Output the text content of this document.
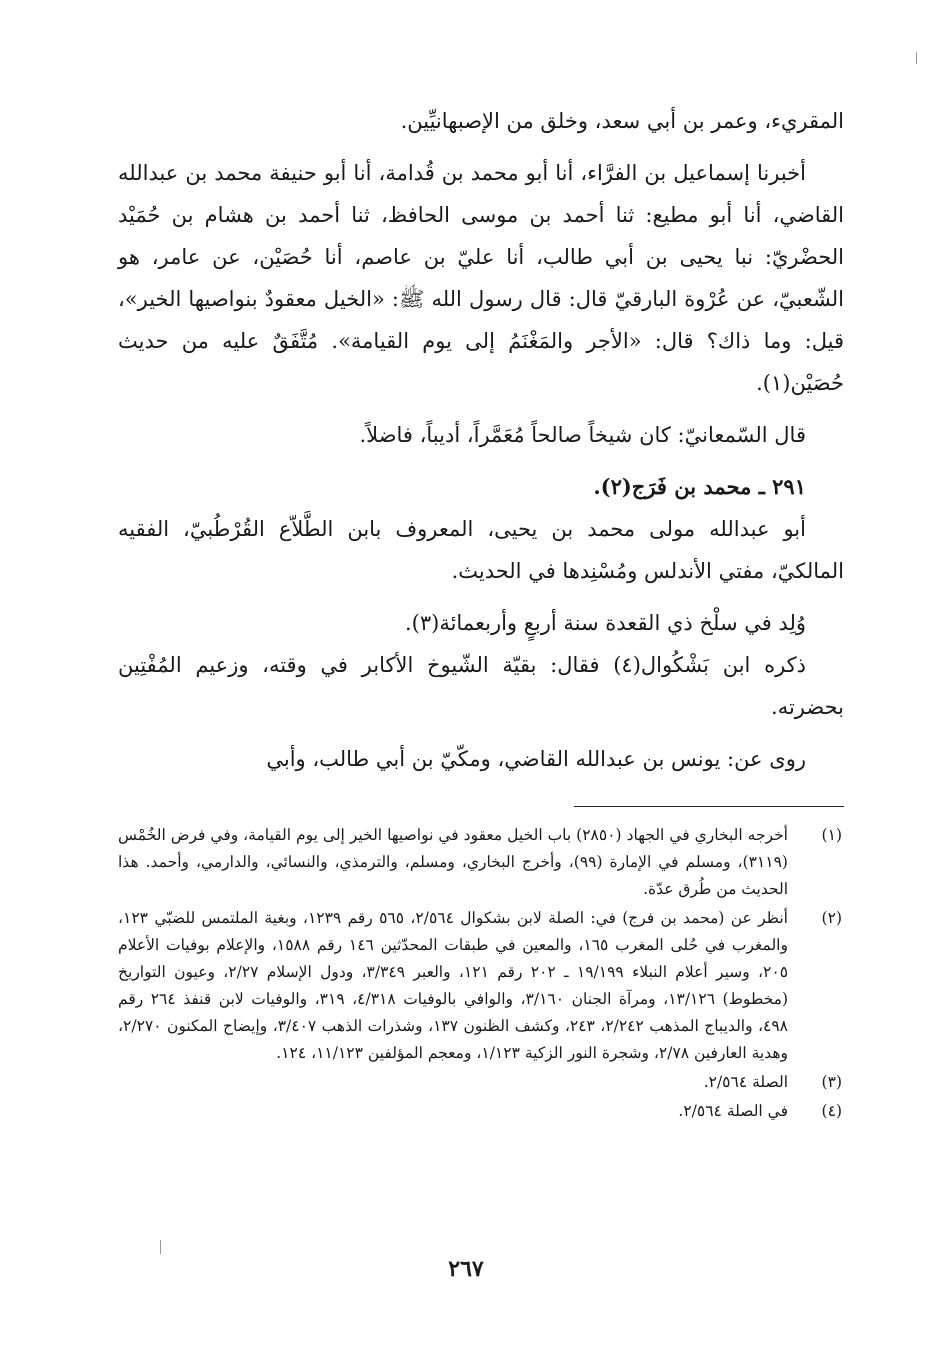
المقريء، وعمر بن أبي سعد، وخلق من الإصبهانيِّين.

أخبرنا إسماعيل بن الفرَّاء، أنا أبو محمد بن قُدامة، أنا أبو حنيفة محمد بن عبدالله القاضي، أنا أبو مطيع: ثنا أحمد بن موسى الحافظ، ثنا أحمد بن هشام بن حُمَيْد الحضْريّ: نبا يحيى بن أبي طالب، أنا عليّ بن عاصم، أنا حُصَيْن، عن عامر، هو الشّعبيّ، عن عُرْوة البارقيّ قال: قال رسول الله ﷺ: «الخيل معقودٌ بنواصيها الخير»، قيل: وما ذاك؟ قال: «الأجر والمَغْنَمُ إلى يوم القيامة». مُتَّفَقٌ عليه من حديث حُصَيْن(١).

قال السّمعانيّ: كان شيخاً صالحاً مُعَمَّراً، أديباً، فاضلاً.

٢٩١ ـ محمد بن فَرَج(٢).

أبو عبدالله مولى محمد بن يحيى، المعروف بابن الطَّلاّع القُرْطُبيّ، الفقيه المالكيّ، مفتي الأندلس ومُسْنِدها في الحديث.

وُلِد في سلْخ ذي القعدة سنة أربعٍ وأربعمائة(٣).

ذكره ابن بَشْكُوال(٤) فقال: بقيّة الشّيوخ الأكابر في وقته، وزعيم المُفْتِين بحضرته.

روى عن: يونس بن عبدالله القاضي، ومكّيّ بن أبي طالب، وأبي

(١)
أخرجه البخاري في الجهاد (٢٨٥٠) باب الخيل معقود في نواصيها الخير إلى يوم القيامة، وفي فرض الخُمْس (٣١١٩)، ومسلم في الإمارة (٩٩)، وأخرج البخاري، ومسلم، والترمذي، والنسائي، والدارمي، وأحمد. هذا الحديث من طُرق عدّة.
(٢)
أنظر عن (محمد بن فرج) في: الصلة لابن بشكوال ٢/٥٦٤، ٥٦٥ رقم ١٢٣٩، وبغية الملتمس للضبّي ١٢٣، والمغرب في حُلى المغرب ١٦٥، والمعين في طبقات المحدّثين ١٤٦ رقم ١٥٨٨، والإعلام بوفيات الأعلام ٢٠٥، وسير أعلام النبلاء ١٩/١٩٩ ـ ٢٠٢ رقم ١٢١، والعبر ٣/٣٤٩، ودول الإسلام ٢/٢٧، وعيون التواريخ (مخطوط) ١٣/١٢٦، ومرآة الجنان ٣/١٦٠، والوافي بالوفيات ٤/٣١٨، ٣١٩، والوفيات لابن قنفذ ٢٦٤ رقم ٤٩٨، والديباج المذهب ٢/٢٤٢، ٢٤٣، وكشف الظنون ١٣٧، وشذرات الذهب ٣/٤٠٧، وإيضاح المكنون ٢/٢٧٠، وهدية العارفين ٢/٧٨، وشجرة النور الزكية ١/١٢٣، ومعجم المؤلفين ١١/١٢٣، ١٢٤.
(٣)
الصلة ٢/٥٦٤.
(٤)
في الصلة ٢/٥٦٤.
٢٦٧
